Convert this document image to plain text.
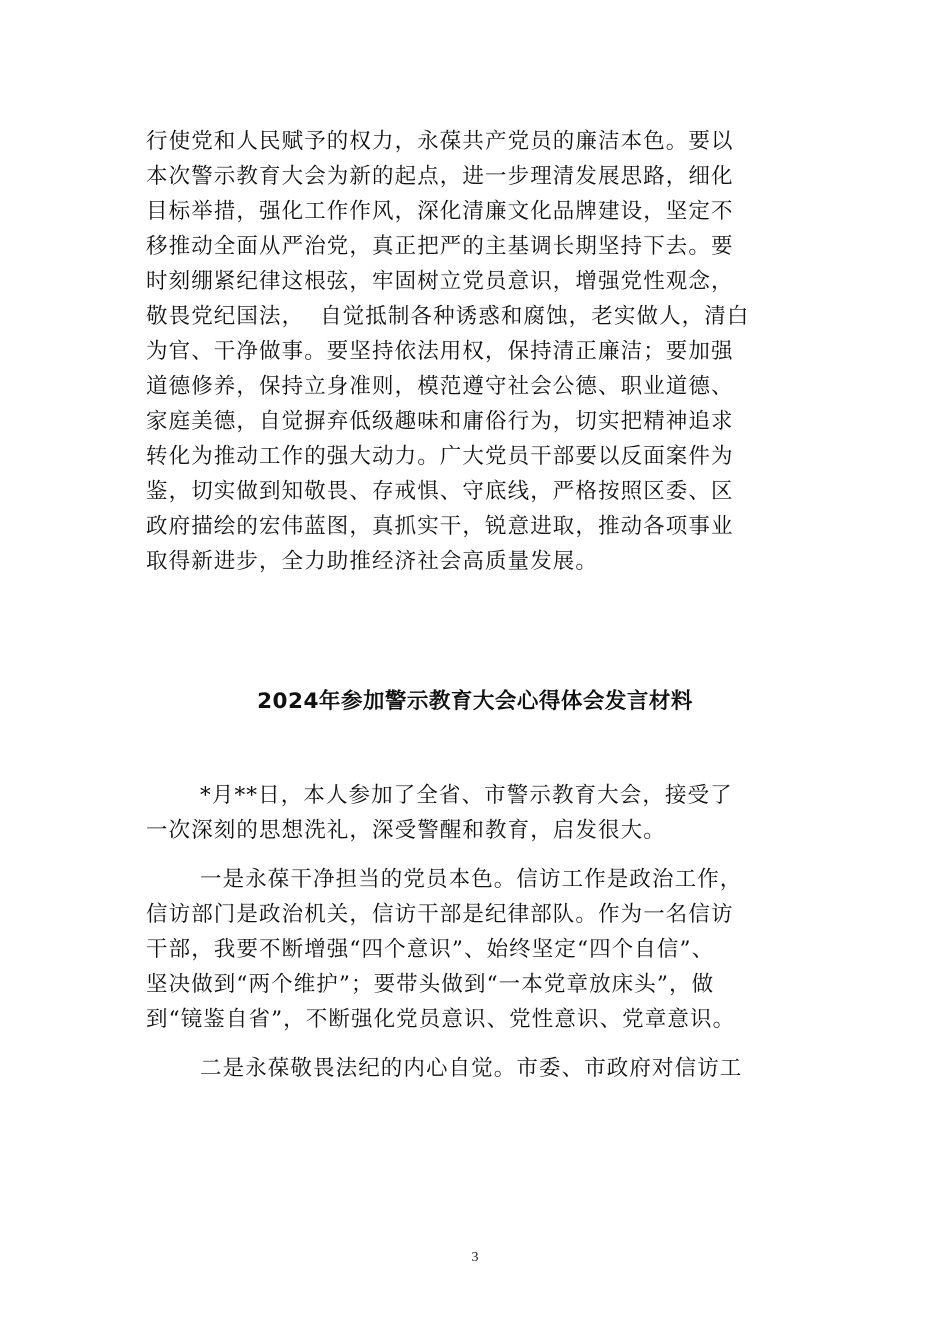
行使党和人民赋予的权力，永葆共产党员的廉洁本色。要以
本次警示教育大会为新的起点，进一步理清发展思路，细化
目标举措，强化工作作风，深化清廉文化品牌建设，坚定不
移推动全面从严治党，真正把严的主基调长期坚持下去。要
时刻绷紧纪律这根弦，牢固树立党员意识，增强党性观念，
敬畏党纪国法，  自觉抵制各种诱惑和腐蚀，老实做人，清白
为官、干净做事。要坚持依法用权，保持清正廉洁；要加强
道德修养，保持立身准则，模范遵守社会公德、职业道德、
家庭美德，自觉摒弃低级趣味和庸俗行为，切实把精神追求
转化为推动工作的强大动力。广大党员干部要以反面案件为
鉴，切实做到知敬畏、存戒惧、守底线，严格按照区委、区
政府描绘的宏伟蓝图，真抓实干，锐意进取，推动各项事业
取得新进步，全力助推经济社会高质量发展。
2024年参加警示教育大会心得体会发言材料
*月**日，本人参加了全省、市警示教育大会，接受了
一次深刻的思想洗礼，深受警醒和教育，启发很大。
一是永葆干净担当的党员本色。信访工作是政治工作，
信访部门是政治机关，信访干部是纪律部队。作为一名信访
干部，我要不断增强“四个意识”、始终坚定“四个自信”、
坚决做到“两个维护”；要带头做到“一本党章放床头”，做
到“镜鉴自省”，不断强化党员意识、党性意识、党章意识。
二是永葆敬畏法纪的内心自觉。市委、市政府对信访工
3
